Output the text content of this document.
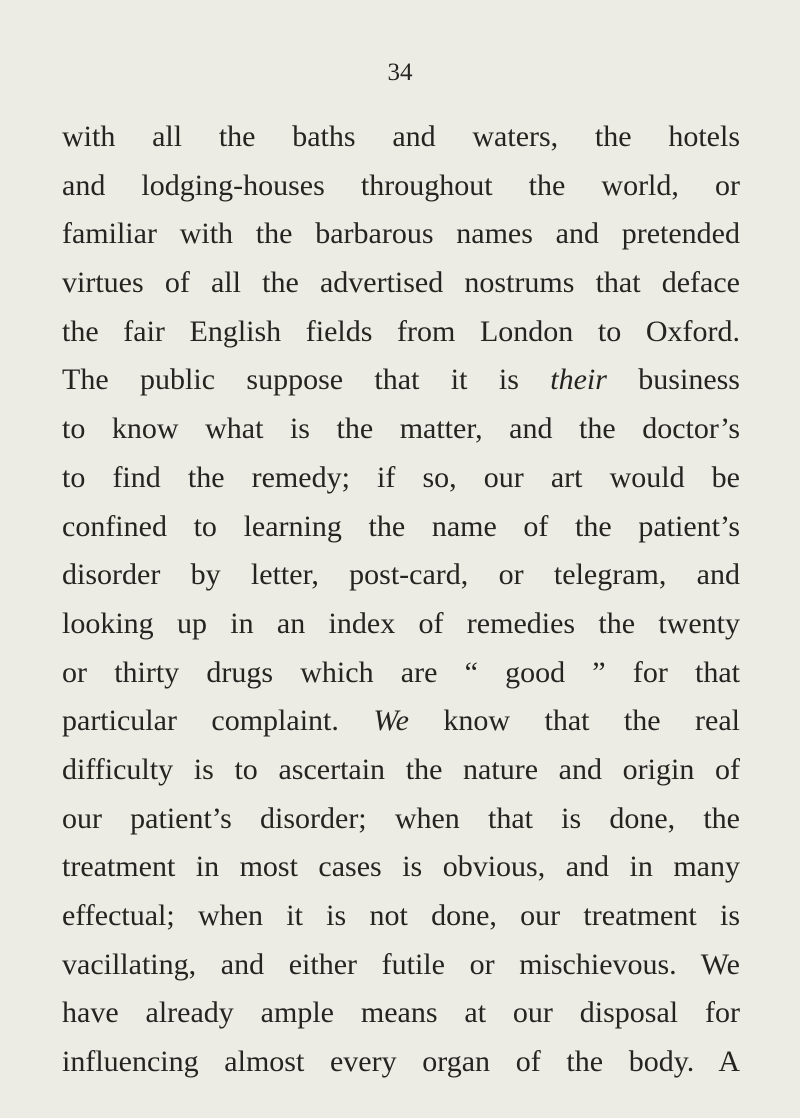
34
with all the baths and waters, the hotels
and lodging-houses throughout the world, or
familiar with the barbarous names and pretended
virtues of all the advertised nostrums that deface
the fair English fields from London to Oxford.
The public suppose that it is their business
to know what is the matter, and the doctor’s
to find the remedy; if so, our art would be
confined to learning the name of the patient’s
disorder by letter, post-card, or telegram, and
looking up in an index of remedies the twenty
or thirty drugs which are “ good ” for that
particular complaint. We know that the real
difficulty is to ascertain the nature and origin of
our patient’s disorder; when that is done, the
treatment in most cases is obvious, and in many
effectual; when it is not done, our treatment is
vacillating, and either futile or mischievous. We
have already ample means at our disposal for
influencing almost every organ of the body. A
